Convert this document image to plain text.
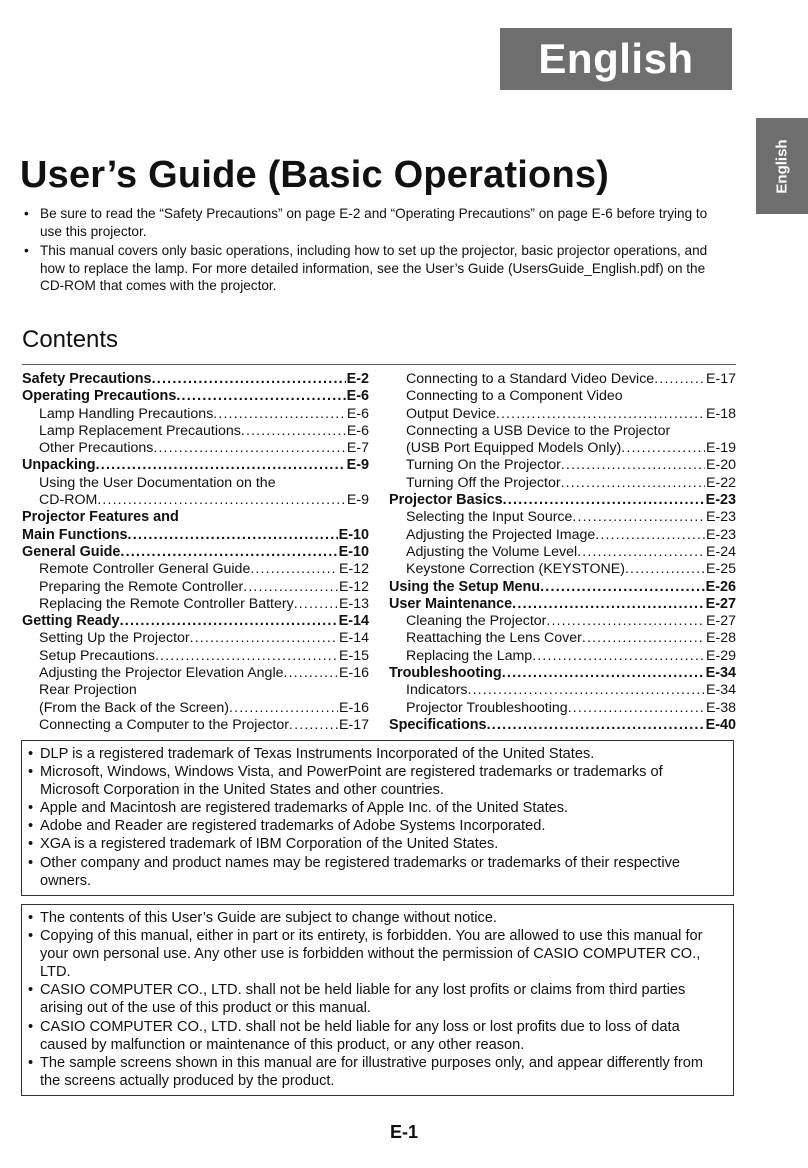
English
English
User’s Guide (Basic Operations)
• Be sure to read the “Safety Precautions” on page E-2 and “Operating Precautions” on page E-6 before trying to use this projector.
• This manual covers only basic operations, including how to set up the projector, basic projector operations, and how to replace the lamp. For more detailed information, see the User’s Guide (UsersGuide_English.pdf) on the CD-ROM that comes with the projector.
Contents
Safety Precautions . . .	E-2
Operating Precautions . . .	E-6
Lamp Handling Precautions . . .	E-6
Lamp Replacement Precautions . . .	E-6
Other Precautions . . .	E-7
Unpacking . . .	E-9
Using the User Documentation on the
CD-ROM . . .	E-9
Projector Features and
Main Functions . . .	E-10
General Guide . . .	E-10
Remote Controller General Guide . . .	E-12
Preparing the Remote Controller . . .	E-12
Replacing the Remote Controller Battery . . .	E-13
Getting Ready . . .	E-14
Setting Up the Projector . . .	E-14
Setup Precautions . . .	E-15
Adjusting the Projector Elevation Angle . . .	E-16
Rear Projection
(From the Back of the Screen) . . .	E-16
Connecting a Computer to the Projector . . .	E-17
Connecting to a Standard Video Device . . .	E-17
Connecting to a Component Video
Output Device . . .	E-18
Connecting a USB Device to the Projector
(USB Port Equipped Models Only) . . .	E-19
Turning On the Projector . . .	E-20
Turning Off the Projector . . .	E-22
Projector Basics . . .	E-23
Selecting the Input Source . . .	E-23
Adjusting the Projected Image . . .	E-23
Adjusting the Volume Level . . .	E-24
Keystone Correction (KEYSTONE) . . .	E-25
Using the Setup Menu . . .	E-26
User Maintenance . . .	E-27
Cleaning the Projector . . .	E-27
Reattaching the Lens Cover . . .	E-28
Replacing the Lamp . . .	E-29
Troubleshooting . . .	E-34
Indicators . . .	E-34
Projector Troubleshooting . . .	E-38
Specifications . . .	E-40
• DLP is a registered trademark of Texas Instruments Incorporated of the United States.
• Microsoft, Windows, Windows Vista, and PowerPoint are registered trademarks or trademarks of Microsoft Corporation in the United States and other countries.
• Apple and Macintosh are registered trademarks of Apple Inc. of the United States.
• Adobe and Reader are registered trademarks of Adobe Systems Incorporated.
• XGA is a registered trademark of IBM Corporation of the United States.
• Other company and product names may be registered trademarks or trademarks of their respective owners.
• The contents of this User’s Guide are subject to change without notice.
• Copying of this manual, either in part or its entirety, is forbidden. You are allowed to use this manual for your own personal use. Any other use is forbidden without the permission of CASIO COMPUTER CO., LTD.
• CASIO COMPUTER CO., LTD. shall not be held liable for any lost profits or claims from third parties arising out of the use of this product or this manual.
• CASIO COMPUTER CO., LTD. shall not be held liable for any loss or lost profits due to loss of data caused by malfunction or maintenance of this product, or any other reason.
• The sample screens shown in this manual are for illustrative purposes only, and appear differently from the screens actually produced by the product.
E-1
